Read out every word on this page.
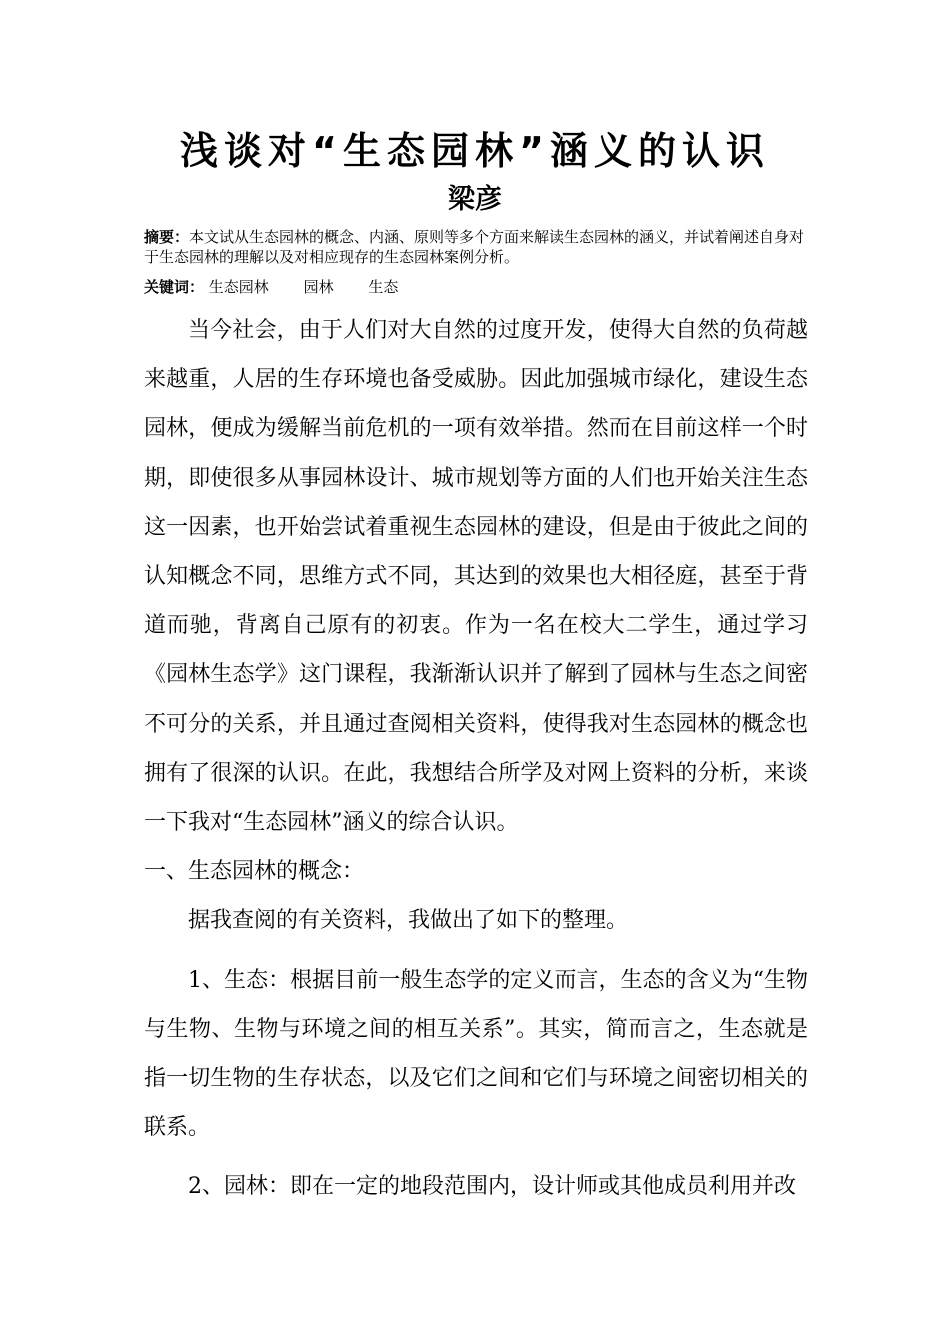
浅谈对“生态园林”涵义的认识
梁彦
摘要：本文试从生态园林的概念、内涵、原则等多个方面来解读生态园林的涵义，并试着阐述自身对于生态园林的理解以及对相应现存的生态园林案例分析。
关键词： 生态园林 园林 生态

当今社会，由于人们对大自然的过度开发，使得大自然的负荷越来越重，人居的生存环境也备受威胁。因此加强城市绿化，建设生态园林，便成为缓解当前危机的一项有效举措。然而在目前这样一个时期，即使很多从事园林设计、城市规划等方面的人们也开始关注生态这一因素，也开始尝试着重视生态园林的建设，但是由于彼此之间的认知概念不同，思维方式不同，其达到的效果也大相径庭，甚至于背道而驰，背离自己原有的初衷。作为一名在校大二学生，通过学习《园林生态学》这门课程，我渐渐认识并了解到了园林与生态之间密不可分的关系，并且通过查阅相关资料，使得我对生态园林的概念也拥有了很深的认识。在此，我想结合所学及对网上资料的分析，来谈一下我对“生态园林”涵义的综合认识。

一、生态园林的概念：

据我查阅的有关资料，我做出了如下的整理。

1、生态：根据目前一般生态学的定义而言，生态的含义为“生物与生物、生物与环境之间的相互关系”。其实，简而言之，生态就是指一切生物的生存状态，以及它们之间和它们与环境之间密切相关的联系。

2、园林：即在一定的地段范围内，设计师或其他成员利用并改
